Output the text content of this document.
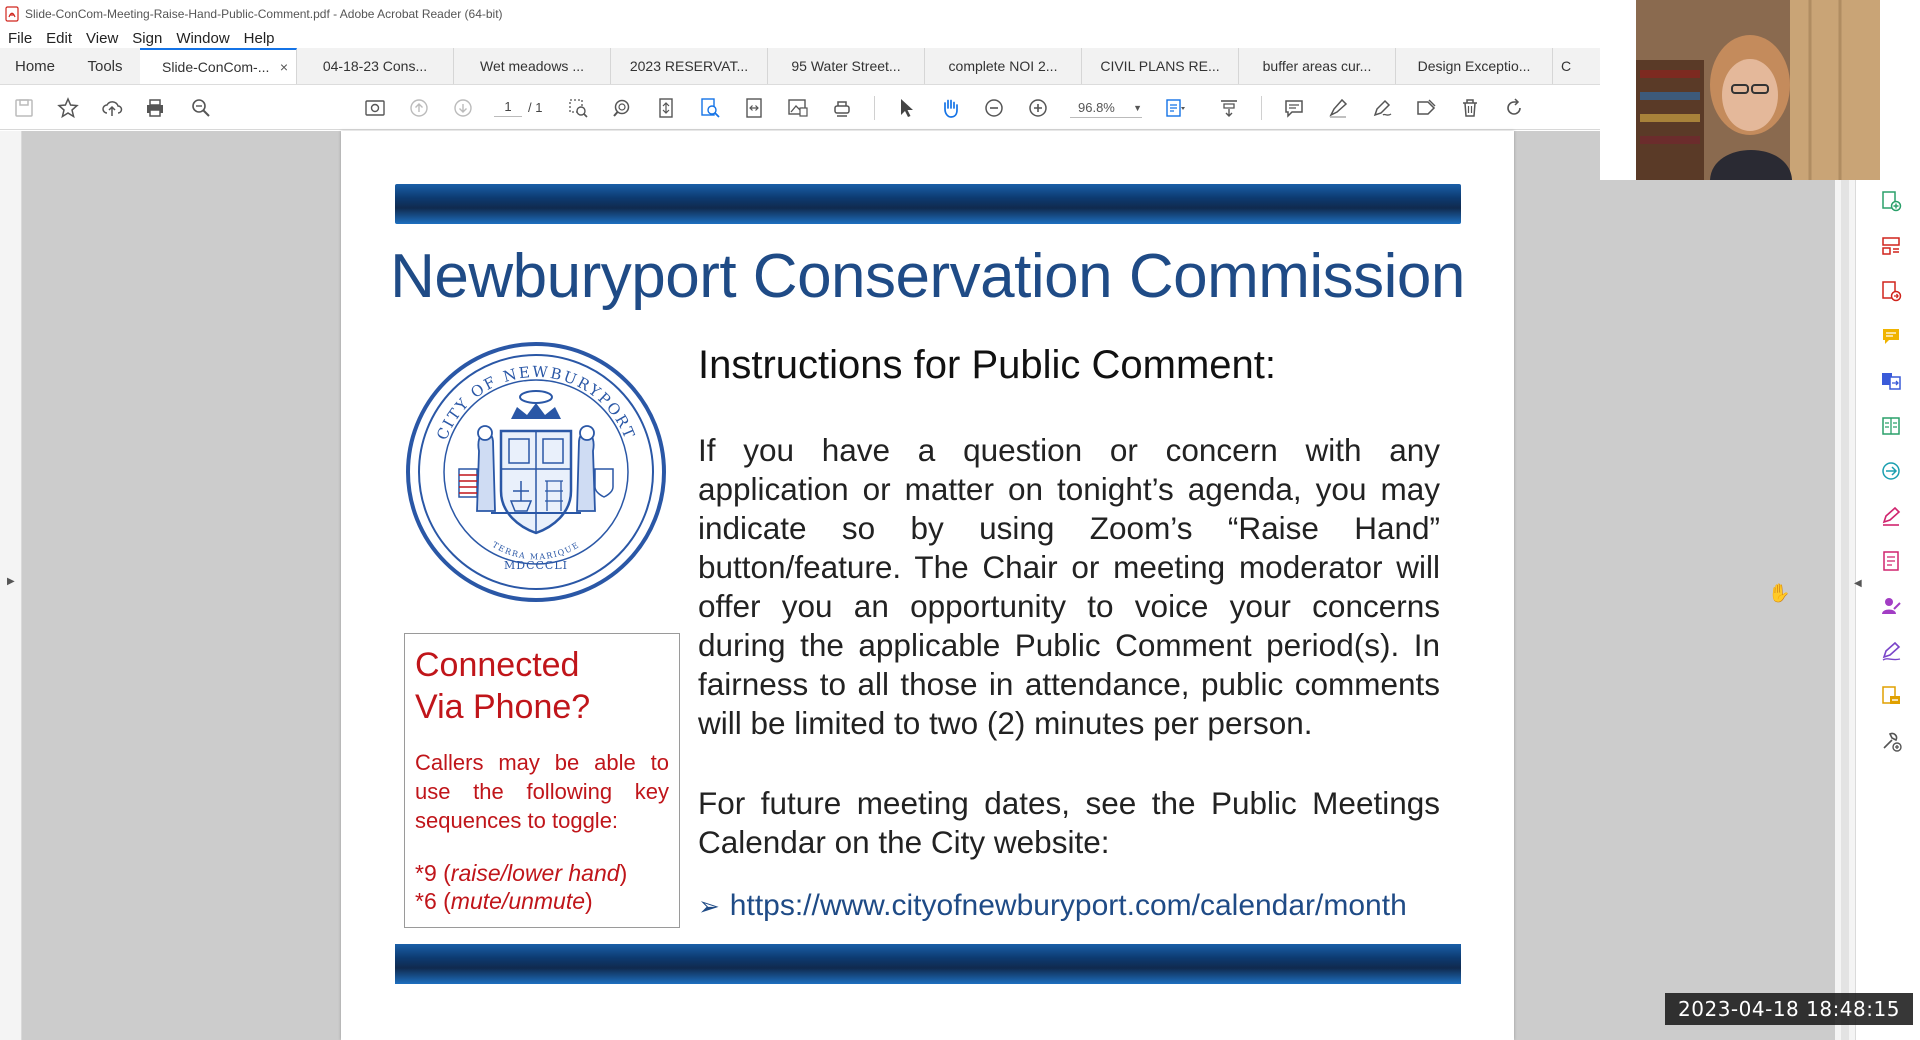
Slide-ConCom-Meeting-Raise-Hand-Public-Comment.pdf - Adobe Acrobat Reader (64-bit)
File Edit View Sign Window Help
Home	Tools	Slide-ConCom-... ×	04-18-23 Cons...	Wet meadows ...	2023 RESERVAT...	95 Water Street...	complete NOI 2...	CIVIL PLANS RE...	buffer areas cur...	Design Exceptio...	C
1	/ 1	96.8% ▼
▶
Newburyport Conservation Commission
CITY OF NEWBURYPORT
TERRA MARIQUE
MDCCCLI
Connected
Via Phone?
Callers may be able to use the following key sequences to toggle:
*9 (raise/lower hand)
*6 (mute/unmute)
Instructions for Public Comment:
If you have a question or concern with any application or matter on tonight’s agenda, you may indicate so by using Zoom’s “Raise Hand” button/feature. The Chair or meeting moderator will offer you an opportunity to voice your concerns during the applicable Public Comment period(s). In fairness to all those in attendance, public comments will be limited to two (2) minutes per person.
For future meeting dates, see the Public Meetings Calendar on the City website:
➢ https://www.cityofnewburyport.com/calendar/month
◀
✋
2023-04-18 18:48:15
